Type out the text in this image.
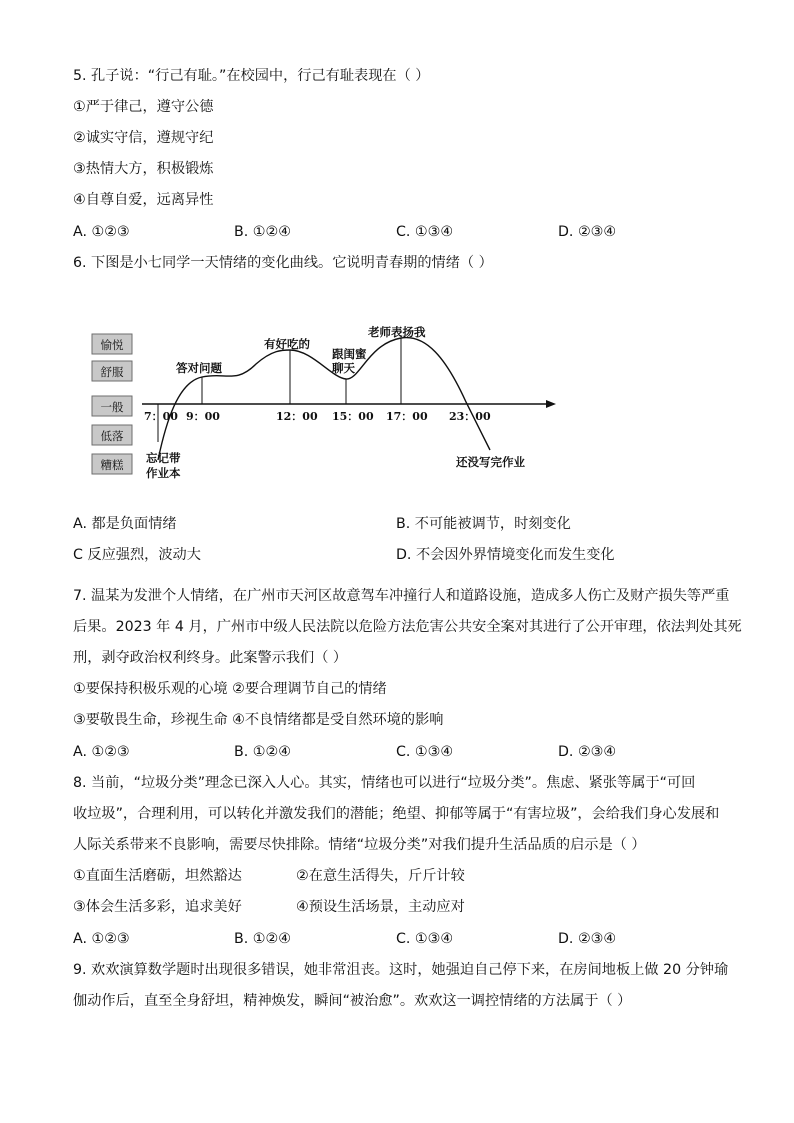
5. 孔子说：“行己有耻。”在校园中，行己有耻表现在（ ）
①严于律己，遵守公德
②诚实守信，遵规守纪
③热情大方，积极锻炼
④自尊自爱，远离异性
A. ①②③	B. ①②④	C. ①③④	D. ②③④
6. 下图是小七同学一天情绪的变化曲线。它说明青春期的情绪（ ）
愉悦
舒服
一般
低落
糟糕
7：00 9：00	12：00 15：00 17：00 23：00
忘记带
作业本
答对问题
有好吃的
跟闺蜜
聊天
老师表扬我
还没写完作业
A. 都是负面情绪	B. 不可能被调节，时刻变化
C 反应强烈，波动大	D. 不会因外界情境变化而发生变化
7. 温某为发泄个人情绪，在广州市天河区故意驾车冲撞行人和道路设施，造成多人伤亡及财产损失等严重
后果。2023 年 4 月，广州市中级人民法院以危险方法危害公共安全案对其进行了公开审理，依法判处其死
刑，剥夺政治权利终身。此案警示我们（ ）
①要保持积极乐观的心境 ②要合理调节自己的情绪
③要敬畏生命，珍视生命 ④不良情绪都是受自然环境的影响
A. ①②③	B. ①②④	C. ①③④	D. ②③④
8. 当前，“垃圾分类”理念已深入人心。其实，情绪也可以进行“垃圾分类”。焦虑、紧张等属于“可回
收垃圾”，合理利用，可以转化并激发我们的潜能；绝望、抑郁等属于“有害垃圾”，会给我们身心发展和
人际关系带来不良影响，需要尽快排除。情绪“垃圾分类”对我们提升生活品质的启示是（ ）
①直面生活磨砺，坦然豁达	②在意生活得失，斤斤计较
③体会生活多彩，追求美好	④预设生活场景，主动应对
A. ①②③	B. ①②④	C. ①③④	D. ②③④
9. 欢欢演算数学题时出现很多错误，她非常沮丧。这时，她强迫自己停下来，在房间地板上做 20 分钟瑜
伽动作后，直至全身舒坦，精神焕发，瞬间“被治愈”。欢欢这一调控情绪的方法属于（ ）
